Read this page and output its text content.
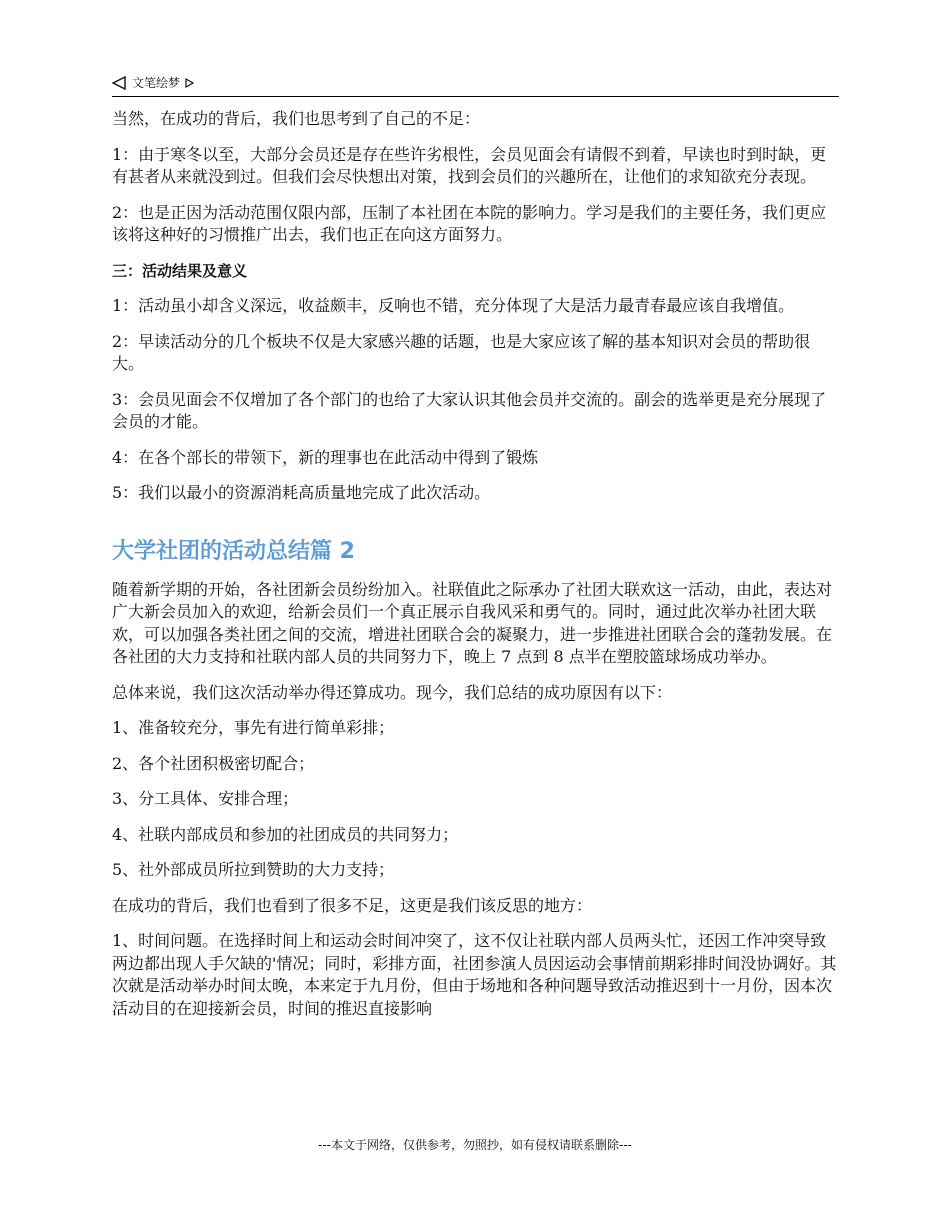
文笔绘梦

当然，在成功的背后，我们也思考到了自己的不足：

1：由于寒冬以至，大部分会员还是存在些许劣根性，会员见面会有请假不到着，早读也时到时缺，更有甚者从来就没到过。但我们会尽快想出对策，找到会员们的兴趣所在，让他们的求知欲充分表现。

2：也是正因为活动范围仅限内部，压制了本社团在本院的影响力。学习是我们的主要任务，我们更应该将这种好的习惯推广出去，我们也正在向这方面努力。

三：活动结果及意义

1：活动虽小却含义深远，收益颇丰，反响也不错，充分体现了大是活力最青春最应该自我增值。

2：早读活动分的几个板块不仅是大家感兴趣的话题，也是大家应该了解的基本知识对会员的帮助很大。

3：会员见面会不仅增加了各个部门的也给了大家认识其他会员并交流的。副会的选举更是充分展现了会员的才能。

4：在各个部长的带领下，新的理事也在此活动中得到了锻炼

5：我们以最小的资源消耗高质量地完成了此次活动。

大学社团的活动总结篇 2

随着新学期的开始，各社团新会员纷纷加入。社联值此之际承办了社团大联欢这一活动，由此，表达对广大新会员加入的欢迎，给新会员们一个真正展示自我风采和勇气的。同时，通过此次举办社团大联欢，可以加强各类社团之间的交流，增进社团联合会的凝聚力，进一步推进社团联合会的蓬勃发展。在各社团的大力支持和社联内部人员的共同努力下，晚上 7 点到 8 点半在塑胶篮球场成功举办。

总体来说，我们这次活动举办得还算成功。现今，我们总结的成功原因有以下：

1、准备较充分，事先有进行简单彩排；

2、各个社团积极密切配合；

3、分工具体、安排合理；

4、社联内部成员和参加的社团成员的共同努力；

5、社外部成员所拉到赞助的大力支持；

在成功的背后，我们也看到了很多不足，这更是我们该反思的地方：

1、时间问题。在选择时间上和运动会时间冲突了，这不仅让社联内部人员两头忙，还因工作冲突导致两边都出现人手欠缺的'情况；同时，彩排方面，社团参演人员因运动会事情前期彩排时间没协调好。其次就是活动举办时间太晚，本来定于九月份，但由于场地和各种问题导致活动推迟到十一月份，因本次活动目的在迎接新会员，时间的推迟直接影响

---本文于网络，仅供参考，勿照抄，如有侵权请联系删除---
